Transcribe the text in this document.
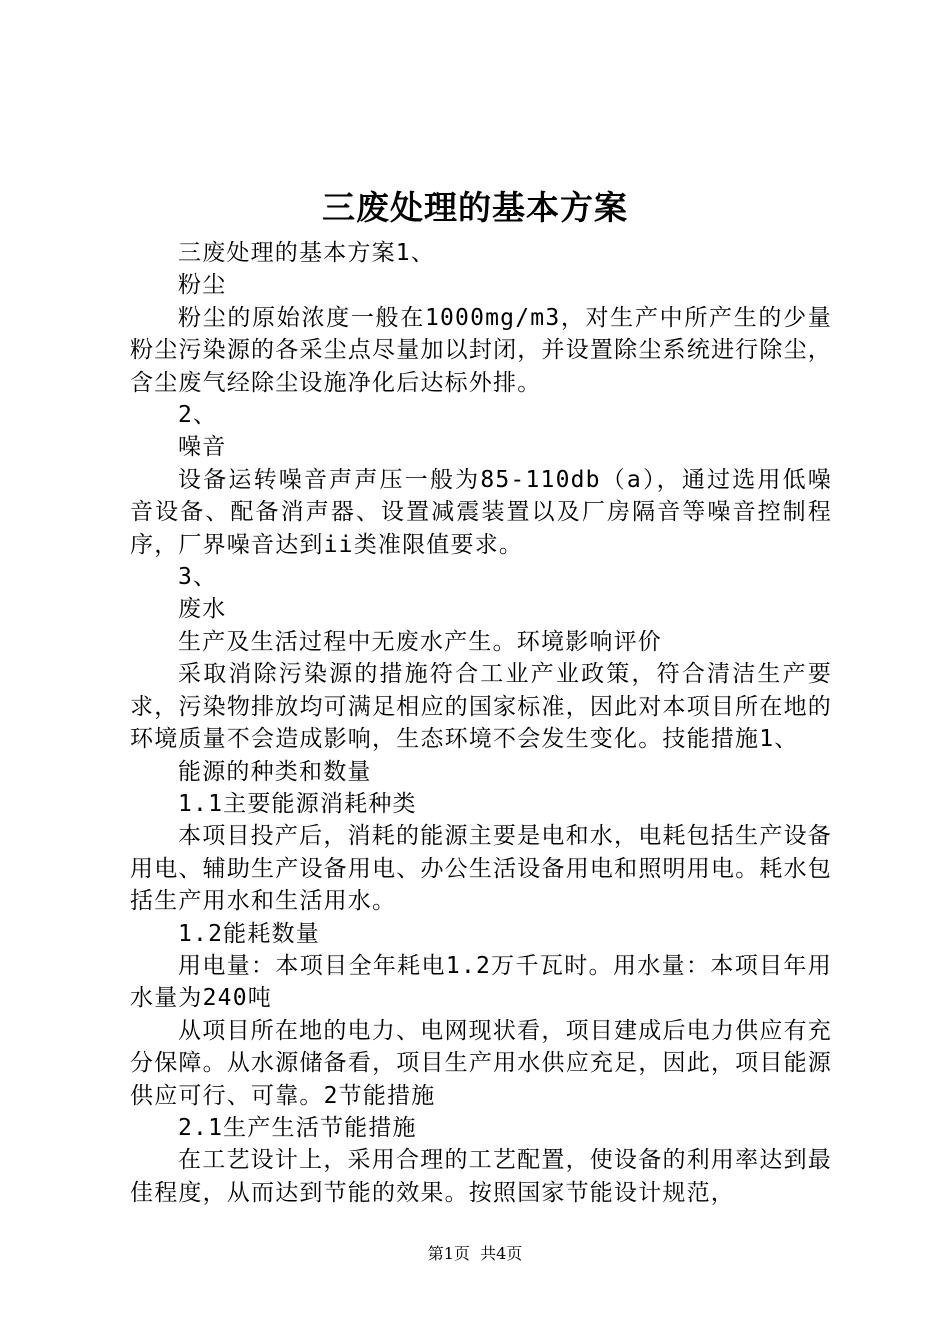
三废处理的基本方案

三废处理的基本方案1、

粉尘

粉尘的原始浓度一般在1000mg/m3，对生产中所产生的少量粉尘污染源的各采尘点尽量加以封闭，并设置除尘系统进行除尘，含尘废气经除尘设施净化后达标外排。

2、

噪音

设备运转噪音声声压一般为85-110db（a），通过选用低噪音设备、配备消声器、设置减震装置以及厂房隔音等噪音控制程序，厂界噪音达到ii类准限值要求。

3、

废水

生产及生活过程中无废水产生。环境影响评价

采取消除污染源的措施符合工业产业政策，符合清洁生产要求，污染物排放均可满足相应的国家标准，因此对本项目所在地的环境质量不会造成影响，生态环境不会发生变化。技能措施1、

能源的种类和数量

1.1主要能源消耗种类

本项目投产后，消耗的能源主要是电和水，电耗包括生产设备用电、辅助生产设备用电、办公生活设备用电和照明用电。耗水包括生产用水和生活用水。

1.2能耗数量

用电量：本项目全年耗电1.2万千瓦时。用水量：本项目年用水量为240吨

从项目所在地的电力、电网现状看，项目建成后电力供应有充分保障。从水源储备看，项目生产用水供应充足，因此，项目能源供应可行、可靠。2节能措施

2.1生产生活节能措施

在工艺设计上，采用合理的工艺配置，使设备的利用率达到最佳程度，从而达到节能的效果。按照国家节能设计规范，

第1页 共4页
